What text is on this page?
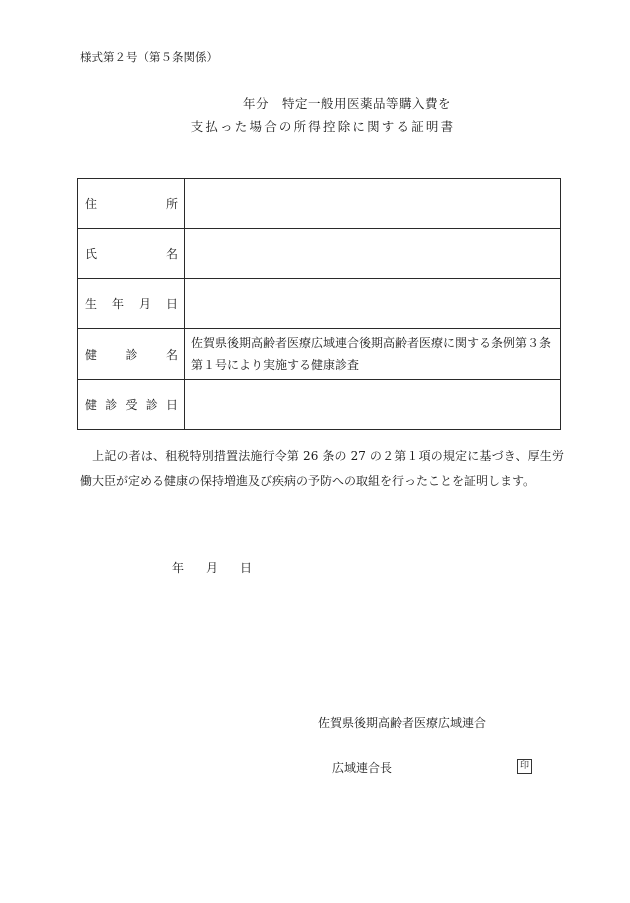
様式第２号（第５条関係）
年分　特定一般用医薬品等購入費を
支払った場合の所得控除に関する証明書
住 所	

氏 名	

生 年 月 日	

健 診 名	佐賀県後期高齢者医療広域連合後期高齢者医療に関する条例第３条第１号により実施する健康診査

健 診 受 診 日	

　上記の者は、租税特別措置法施行令第 26 条の 27 の２第１項の規定に基づき、厚生労働大臣が定める健康の保持増進及び疾病の予防への取組を行ったことを証明します。
年 月 日
佐賀県後期高齢者医療広域連合
広域連合長	印
